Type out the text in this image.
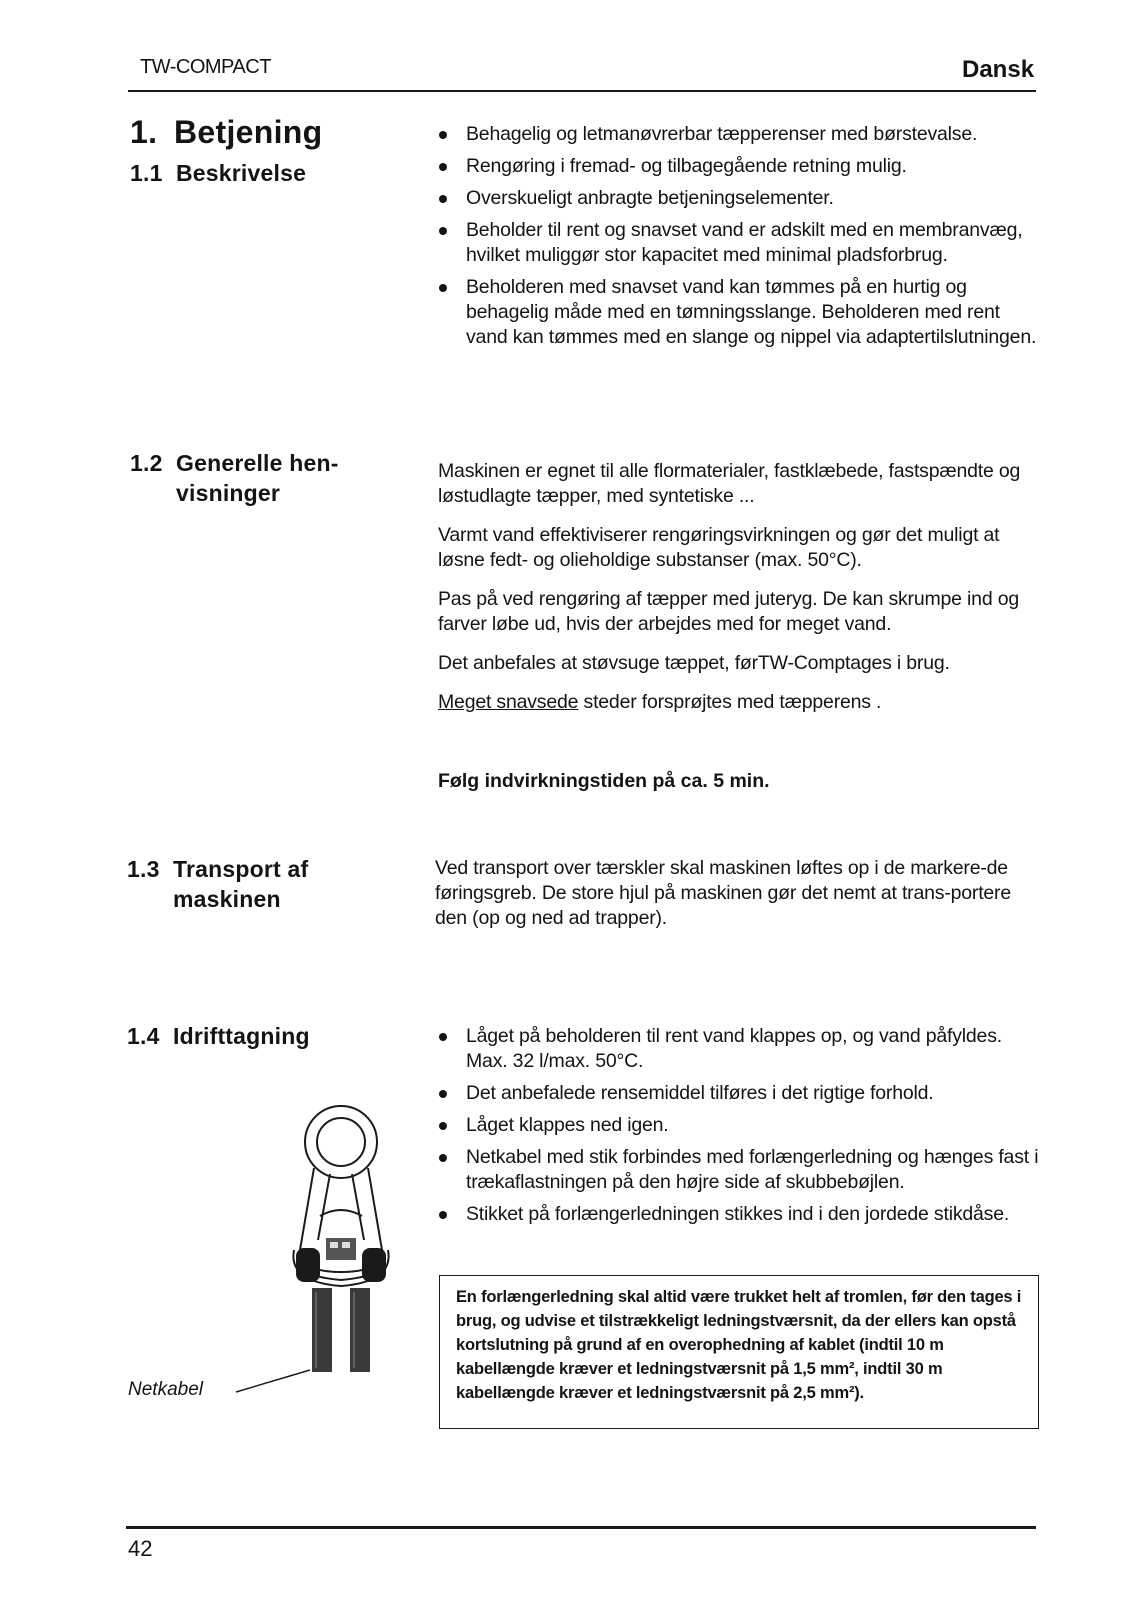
TW-COMPACT	Dansk
1. Betjening
1.1 Beskrivelse
Behagelig og letmanøvrerbar tæpperenser med børstevalse.
Rengøring i fremad- og tilbagegående retning mulig.
Overskueligt anbragte betjeningselementer.
Beholder til rent og snavset vand er adskilt med en membranvæg, hvilket muliggør stor kapacitet med minimal pladsforbrug.
Beholderen med snavset vand kan tømmes på en hurtig og behagelig måde med en tømningsslange. Beholderen med rent vand kan tømmes med en slange og nippel via adaptertilslutningen.
1.2 Generelle hen-
visninger

Maskinen er egnet til alle flormaterialer, fastklæbede, fastspændte og løstudlagte tæpper, med syntetiske ...

Varmt vand effektiviserer rengøringsvirkningen og gør det muligt at løsne fedt- og olieholdige substanser (max. 50°C).

Pas på ved rengøring af tæpper med juteryg. De kan skrumpe ind og farver løbe ud, hvis der arbejdes med for meget vand.

Det anbefales at støvsuge tæppet, førTW-Comptages i brug.

Meget snavsede steder forsprøjtes med tæpperens .

Følg indvirkningstiden på ca. 5 min.
1.3 Transport af
maskinen

Ved transport over tærskler skal maskinen løftes op i de markere-de føringsgreb. De store hjul på maskinen gør det nemt at trans-portere den (op og ned ad trapper).

1.4 Idrifttagning	Låget på beholderen til rent vand klappes op, og vand påfyldes. Max. 32 l/max. 50°C.
Det anbefalede rensemiddel tilføres i det rigtige forhold.
Låget klappes ned igen.
Netkabel med stik forbindes med forlængerledning og hænges fast i trækaflastningen på den højre side af skubbebøjlen.
Stikket på forlængerledningen stikkes ind i den jordede stikdåse.
En forlængerledning skal altid være trukket helt af tromlen, før den tages i brug, og udvise et tilstrækkeligt ledningstværsnit, da der ellers kan opstå kortslutning på grund af en overophedning af kablet (indtil 10 m kabellængde kræver et ledningstværsnit på 1,5 mm², indtil 30 m kabellængde kræver et ledningstværsnit på 2,5 mm²).
Netkabel
42
